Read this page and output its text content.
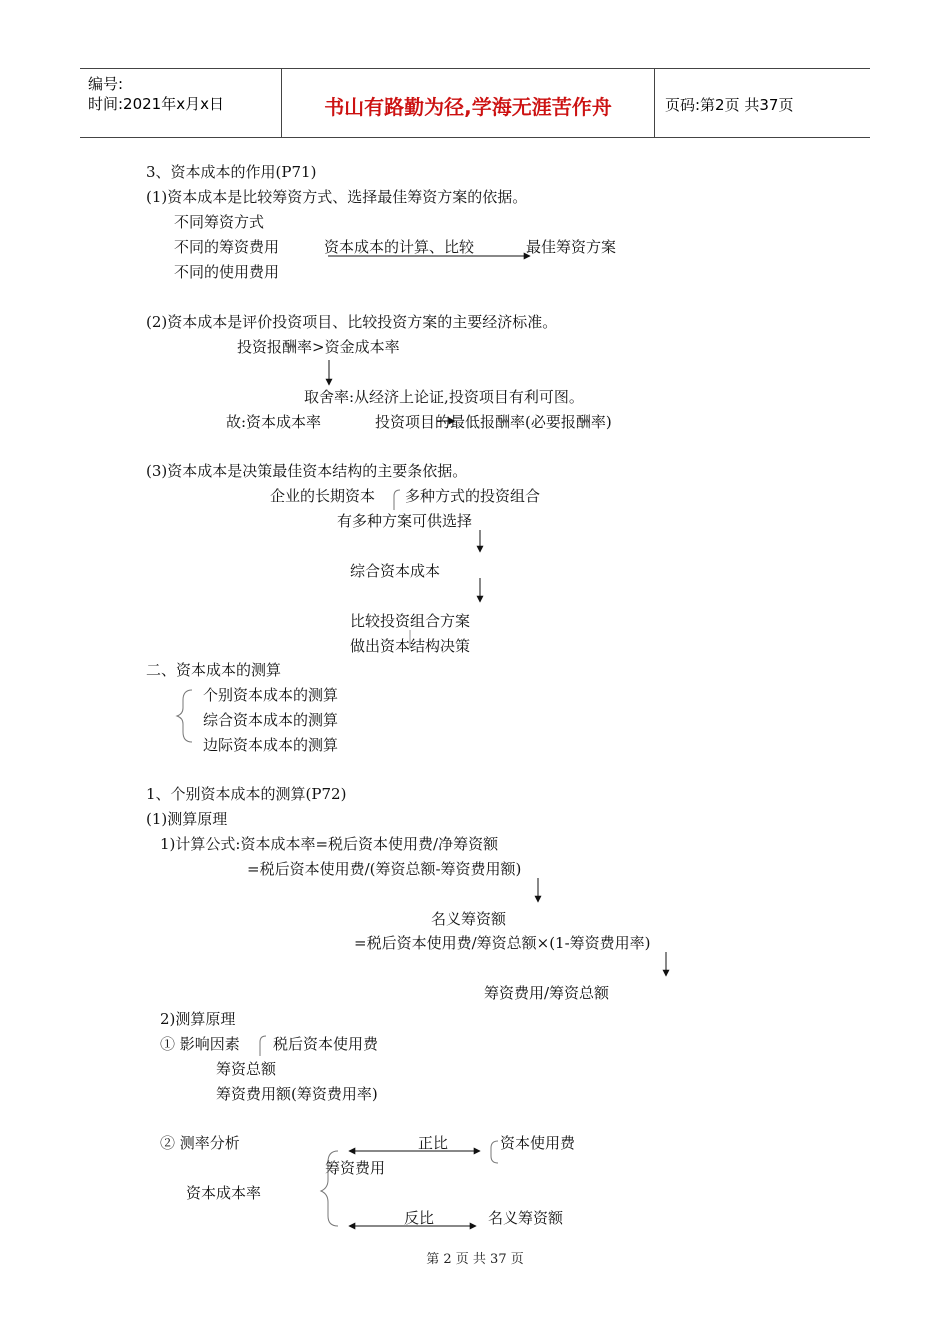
编号:
时间:2021年x月x日	书山有路勤为径,学海无涯苦作舟	页码:第2页 共37页
3、资本成本的作用(P71)
(1)资本成本是比较筹资方式、选择最佳筹资方案的依据。
不同筹资方式
不同的筹资费用	资本成本的计算、比较	最佳筹资方案
不同的使用费用
(2)资本成本是评价投资项目、比较投资方案的主要经济标准。
投资报酬率>资金成本率
取舍率:从经济上论证,投资项目有利可图。
故:资本成本率	投资项目的最低报酬率(必要报酬率)
(3)资本成本是决策最佳资本结构的主要条依据。
企业的长期资本 多种方式的投资组合
有多种方案可供选择
综合资本成本
比较投资组合方案
做出资本结构决策
二、资本成本的测算
个别资本成本的测算
综合资本成本的测算
边际资本成本的测算
1、个别资本成本的测算(P72)
(1)测算原理
1)计算公式:资本成本率=税后资本使用费/净筹资额
=税后资本使用费/(筹资总额-筹资费用额)
名义筹资额
=税后资本使用费/筹资总额×(1-筹资费用率)
筹资费用/筹资总额
2)测算原理
① 影响因素 税后资本使用费
筹资总额
筹资费用额(筹资费用率)
② 测率分析	正比	资本使用费
筹资费用
资本成本率
反比	名义筹资额
第 2 页 共 37 页
